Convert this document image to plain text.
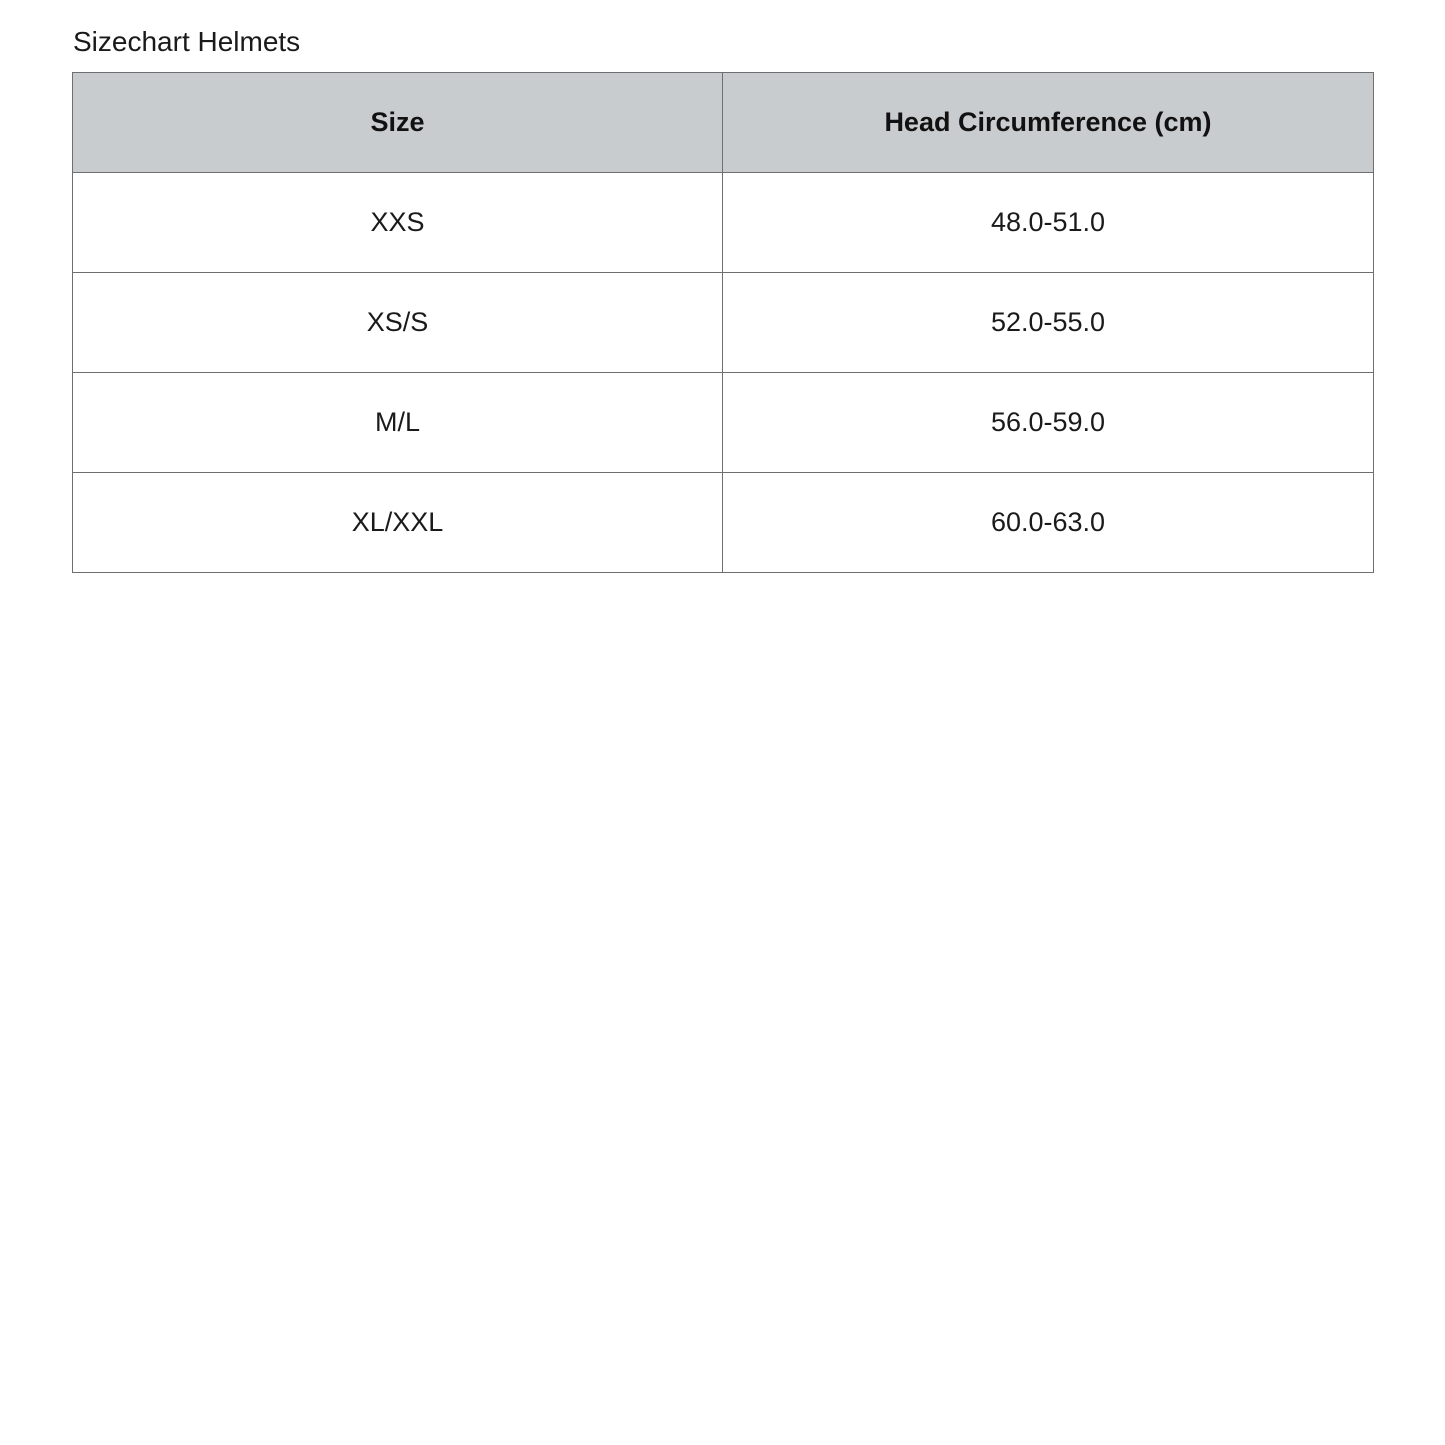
Sizechart Helmets
Size	Head Circumference (cm)
XXS	48.0-51.0
XS/S	52.0-55.0
M/L	56.0-59.0
XL/XXL	60.0-63.0
